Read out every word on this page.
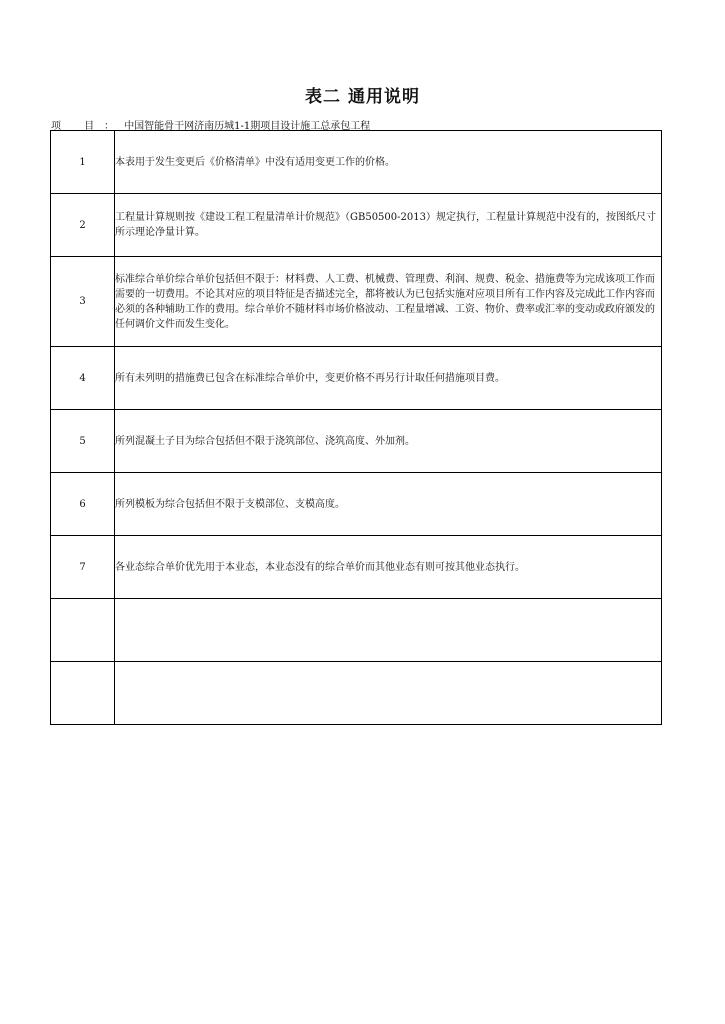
表二 通用说明
项 目：中国智能骨干网济南历城1-1期项目设计施工总承包工程
1	本表用于发生变更后《价格清单》中没有适用变更工作的价格。
2	工程量计算规则按《建设工程工程量清单计价规范》（GB50500-2013）规定执行，工程量计算规范中没有的，按图纸尺寸所示理论净量计算。
3	标准综合单价综合单价包括但不限于：材料费、人工费、机械费、管理费、利润、规费、税金、措施费等为完成该项工作而需要的一切费用。不论其对应的项目特征是否描述完全，都将被认为已包括实施对应项目所有工作内容及完成此工作内容而必须的各种辅助工作的费用。综合单价不随材料市场价格波动、工程量增减、工资、物价、费率或汇率的变动或政府颁发的任何调价文件而发生变化。
4	所有未列明的措施费已包含在标准综合单价中，变更价格不再另行计取任何措施项目费。
5	所列混凝土子目为综合包括但不限于浇筑部位、浇筑高度、外加剂。
6	所列模板为综合包括但不限于支模部位、支模高度。
7	各业态综合单价优先用于本业态，本业态没有的综合单价而其他业态有则可按其他业态执行。
